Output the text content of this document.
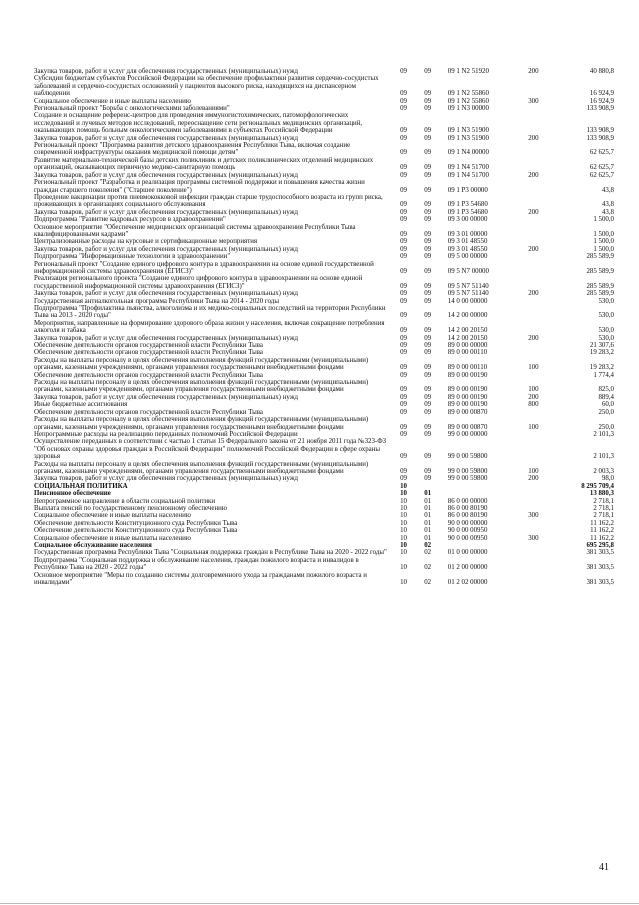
Закупка товаров, работ и услуг для обеспечения государственных (муниципальных) нужд	09	09	09 1 N2 51920	200	40 880,8
Субсидии бюджетам субъектов Российской Федерации на обеспечение профилактики развития сердечно-сосудистых заболеваний и сердечно-сосудистых осложнений у пациентов высокого риска, находящихся на диспансерном наблюдении	09	09	09 1 N2 55860		16 924,9
Социальное обеспечение и иные выплаты населению	09	09	09 1 N2 55860	300	16 924,9
Региональный проект "Борьба с онкологическими заболеваниями"	09	09	09 1 N3 00000		133 908,9
Создание и оснащение референс-центров для проведения иммуногистохимических, патоморфологических исследований и лучевых методов исследований, переоснащение сети региональных медицинских организаций, оказывающих помощь больным онкологическими заболеваниями в субъектах Российской Федерации	09	09	09 1 N3 51900		133 908,9
Закупка товаров, работ и услуг для обеспечения государственных (муниципальных) нужд	09	09	09 1 N3 51900	200	133 908,9
Региональный проект "Программа развития детского здравоохранения Республики Тыва, включая создание современной инфраструктуры оказания медицинской помощи детям"	09	09	09 1 N4 00000		62 625,7
Развитие материально-технической базы детских поликлиник и детских поликлинических отделений медицинских организаций, оказывающих первичную медико-санитарную помощь	09	09	09 1 N4 51700		62 625,7
Закупка товаров, работ и услуг для обеспечения государственных (муниципальных) нужд	09	09	09 1 N4 51700	200	62 625,7
Региональный проект "Разработка и реализация программы системной поддержки и повышения качества жизни граждан старшего поколения" ("Старшее поколение")	09	09	09 1 P3 00000		43,8
Проведение вакцинации против пневмококковой инфекции граждан старше трудоспособного возраста из групп риска, проживающих в организациях социального обслуживания	09	09	09 1 P3 54680		43,8
Закупка товаров, работ и услуг для обеспечения государственных (муниципальных) нужд	09	09	09 1 P3 54680	200	43,8
Подпрограмма "Развитие кадровых ресурсов в здравоохранении"	09	09	09 3 00 00000		1 500,0
Основное мероприятие "Обеспечение медицинских организаций системы здравоохранения Республики Тыва квалифицированными кадрами"	09	09	09 3 01 00000		1 500,0
Централизованные расходы на курсовые и сертификационные мероприятия	09	09	09 3 01 48550		1 500,0
Закупка товаров, работ и услуг для обеспечения государственных (муниципальных) нужд	09	09	09 3 01 48550	200	1 500,0
Подпрограмма "Информационные технологии в здравоохранении"	09	09	09 5 00 00000		285 589,9
Региональный проект "Создание единого цифрового контура в здравоохранении на основе единой государственной информационной системы здравоохранения (ЕГИСЗ)"	09	09	09 5 N7 00000		285 589,9
Реализация регионального проекта "Создание единого цифрового контура в здравоохранении на основе единой государственной информационной системы здравоохранения (ЕГИСЗ)"	09	09	09 5 N7 51140		285 589,9
Закупка товаров, работ и услуг для обеспечения государственных (муниципальных) нужд	09	09	09 5 N7 51140	200	285 589,9
Государственная антиалкогольная программа Республики Тыва на 2014 - 2020 годы	09	09	14 0 00 00000		530,0
Подпрограмма "Профилактика пьянства, алкоголизма и их медико-социальных последствий на территории Республики Тыва на 2013 - 2020 годы"	09	09	14 2 00 00000		530,0
Мероприятия, направленные на формирование здорового образа жизни у населения, включая сокращение потребления алкоголя и табака	09	09	14 2 00 20150		530,0
Закупка товаров, работ и услуг для обеспечения государственных (муниципальных) нужд	09	09	14 2 00 20150	200	530,0
Обеспечение деятельности органов государственной власти Республики Тыва	09	09	89 0 00 00000		21 307,6
Обеспечение деятельности органов государственной власти Республики Тыва	09	09	89 0 00 00110		19 283,2
Расходы на выплаты персоналу в целях обеспечения выполнения функций государственными (муниципальными) органами, казенными учреждениями, органами управления государственными внебюджетными фондами	09	09	89 0 00 00110	100	19 283,2
Обеспечение деятельности органов государственной власти Республики Тыва	09	09	89 0 00 00190		1 774,4
Расходы на выплаты персоналу в целях обеспечения выполнения функций государственными (муниципальными) органами, казенными учреждениями, органами управления государственными внебюджетными фондами	09	09	89 0 00 00190	100	825,0
Закупка товаров, работ и услуг для обеспечения государственных (муниципальных) нужд	09	09	89 0 00 00190	200	889,4
Иные бюджетные ассигнования	09	09	89 0 00 00190	800	60,0
Обеспечение деятельности органов государственной власти Республики Тыва	09	09	89 0 00 00870		250,0
Расходы на выплаты персоналу в целях обеспечения выполнения функций государственными (муниципальными) органами, казенными учреждениями, органами управления государственными внебюджетными фондами	09	09	89 0 00 00870	100	250,0
Непрограммные расходы на реализацию переданных полномочий Российской Федерации	09	09	99 0 00 00000		2 101,3
Осуществление переданных в соответствии с частью 1 статьи 15 Федерального закона от 21 ноября 2011 года №323-ФЗ "Об основах охраны здоровья граждан в Российской Федерации" полномочий Российской Федерации в сфере охраны здоровья	09	09	99 0 00 59800		2 101,3
Расходы на выплаты персоналу в целях обеспечения выполнения функций государственными (муниципальными) органами, казенными учреждениями, органами управления государственными внебюджетными фондами	09	09	99 0 00 59800	100	2 003,3
Закупка товаров, работ и услуг для обеспечения государственных (муниципальных) нужд	09	09	99 0 00 59800	200	98,0
СОЦИАЛЬНАЯ ПОЛИТИКА	10				8 295 709,4
Пенсионное обеспечение	10	01			13 880,3
Непрограммное направление в области социальной политики	10	01	86 0 00 00000		2 718,1
Выплата пенсий по государственному пенсионному обеспечению	10	01	86 0 00 80190		2 718,1
Социальное обеспечение и иные выплаты населению	10	01	86 0 00 80190	300	2 718,1
Обеспечение деятельности Конституционного суда Республики Тыва	10	01	90 0 00 00000		11 162,2
Обеспечение деятельности Конституционного суда Республики Тыва	10	01	90 0 00 00950		11 162,2
Социальное обеспечение и иные выплаты населению	10	01	90 0 00 00950	300	11 162,2
Социальное обслуживание населения	10	02			695 295,8
Государственная программа Республики Тыва "Социальная поддержка граждан в Республике Тыва на 2020 - 2022 годы"	10	02	01 0 00 00000		381 303,5
Подпрограмма "Социальная поддержка и обслуживание населения, граждан пожилого возраста и инвалидов в Республике Тыва на 2020 - 2022 годы"	10	02	01 2 00 00000		381 303,5
Основное мероприятие "Меры по созданию системы долговременного ухода за гражданами пожилого возраста и инвалидами"	10	02	01 2 02 00000		381 303,5
41
